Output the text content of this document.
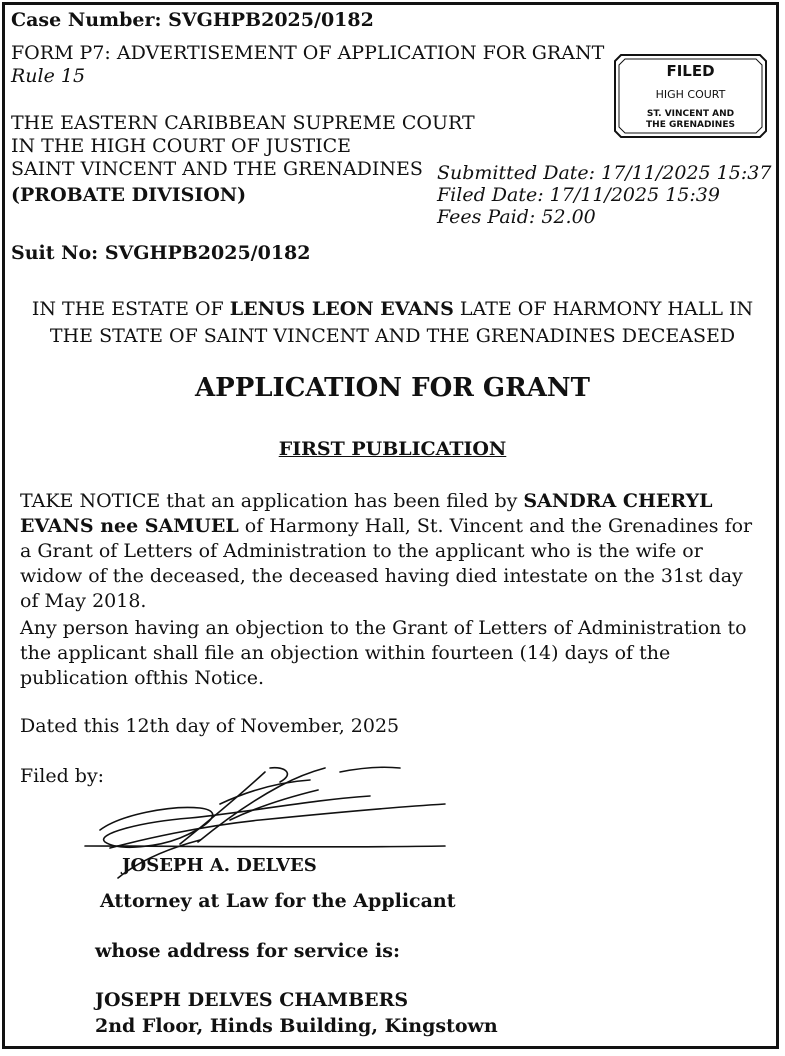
Case Number: SVGHPB2025/0182
FORM P7: ADVERTISEMENT OF APPLICATION FOR GRANT
Rule 15
THE EASTERN CARIBBEAN SUPREME COURT
IN THE HIGH COURT OF JUSTICE
SAINT VINCENT AND THE GRENADINES
(PROBATE DIVISION)
FILED
HIGH COURT
ST. VINCENT AND
THE GRENADINES
Submitted Date: 17/11/2025 15:37
Filed Date: 17/11/2025 15:39
Fees Paid: 52.00
Suit No: SVGHPB2025/0182
IN THE ESTATE OF LENUS LEON EVANS LATE OF HARMONY HALL IN
THE STATE OF SAINT VINCENT AND THE GRENADINES DECEASED
APPLICATION FOR GRANT
FIRST PUBLICATION
TAKE NOTICE that an application has been filed by SANDRA CHERYL EVANS nee SAMUEL of Harmony Hall, St. Vincent and the Grenadines for a Grant of Letters of Administration to the applicant who is the wife or widow of the deceased, the deceased having died intestate on the 31st day of May 2018.
Any person having an objection to the Grant of Letters of Administration to the applicant shall file an objection within fourteen (14) days of the publication ofthis Notice.
Dated this 12th day of November, 2025
Filed by:
JOSEPH A. DELVES
Attorney at Law for the Applicant
whose address for service is:
JOSEPH DELVES CHAMBERS
2nd Floor, Hinds Building, Kingstown
